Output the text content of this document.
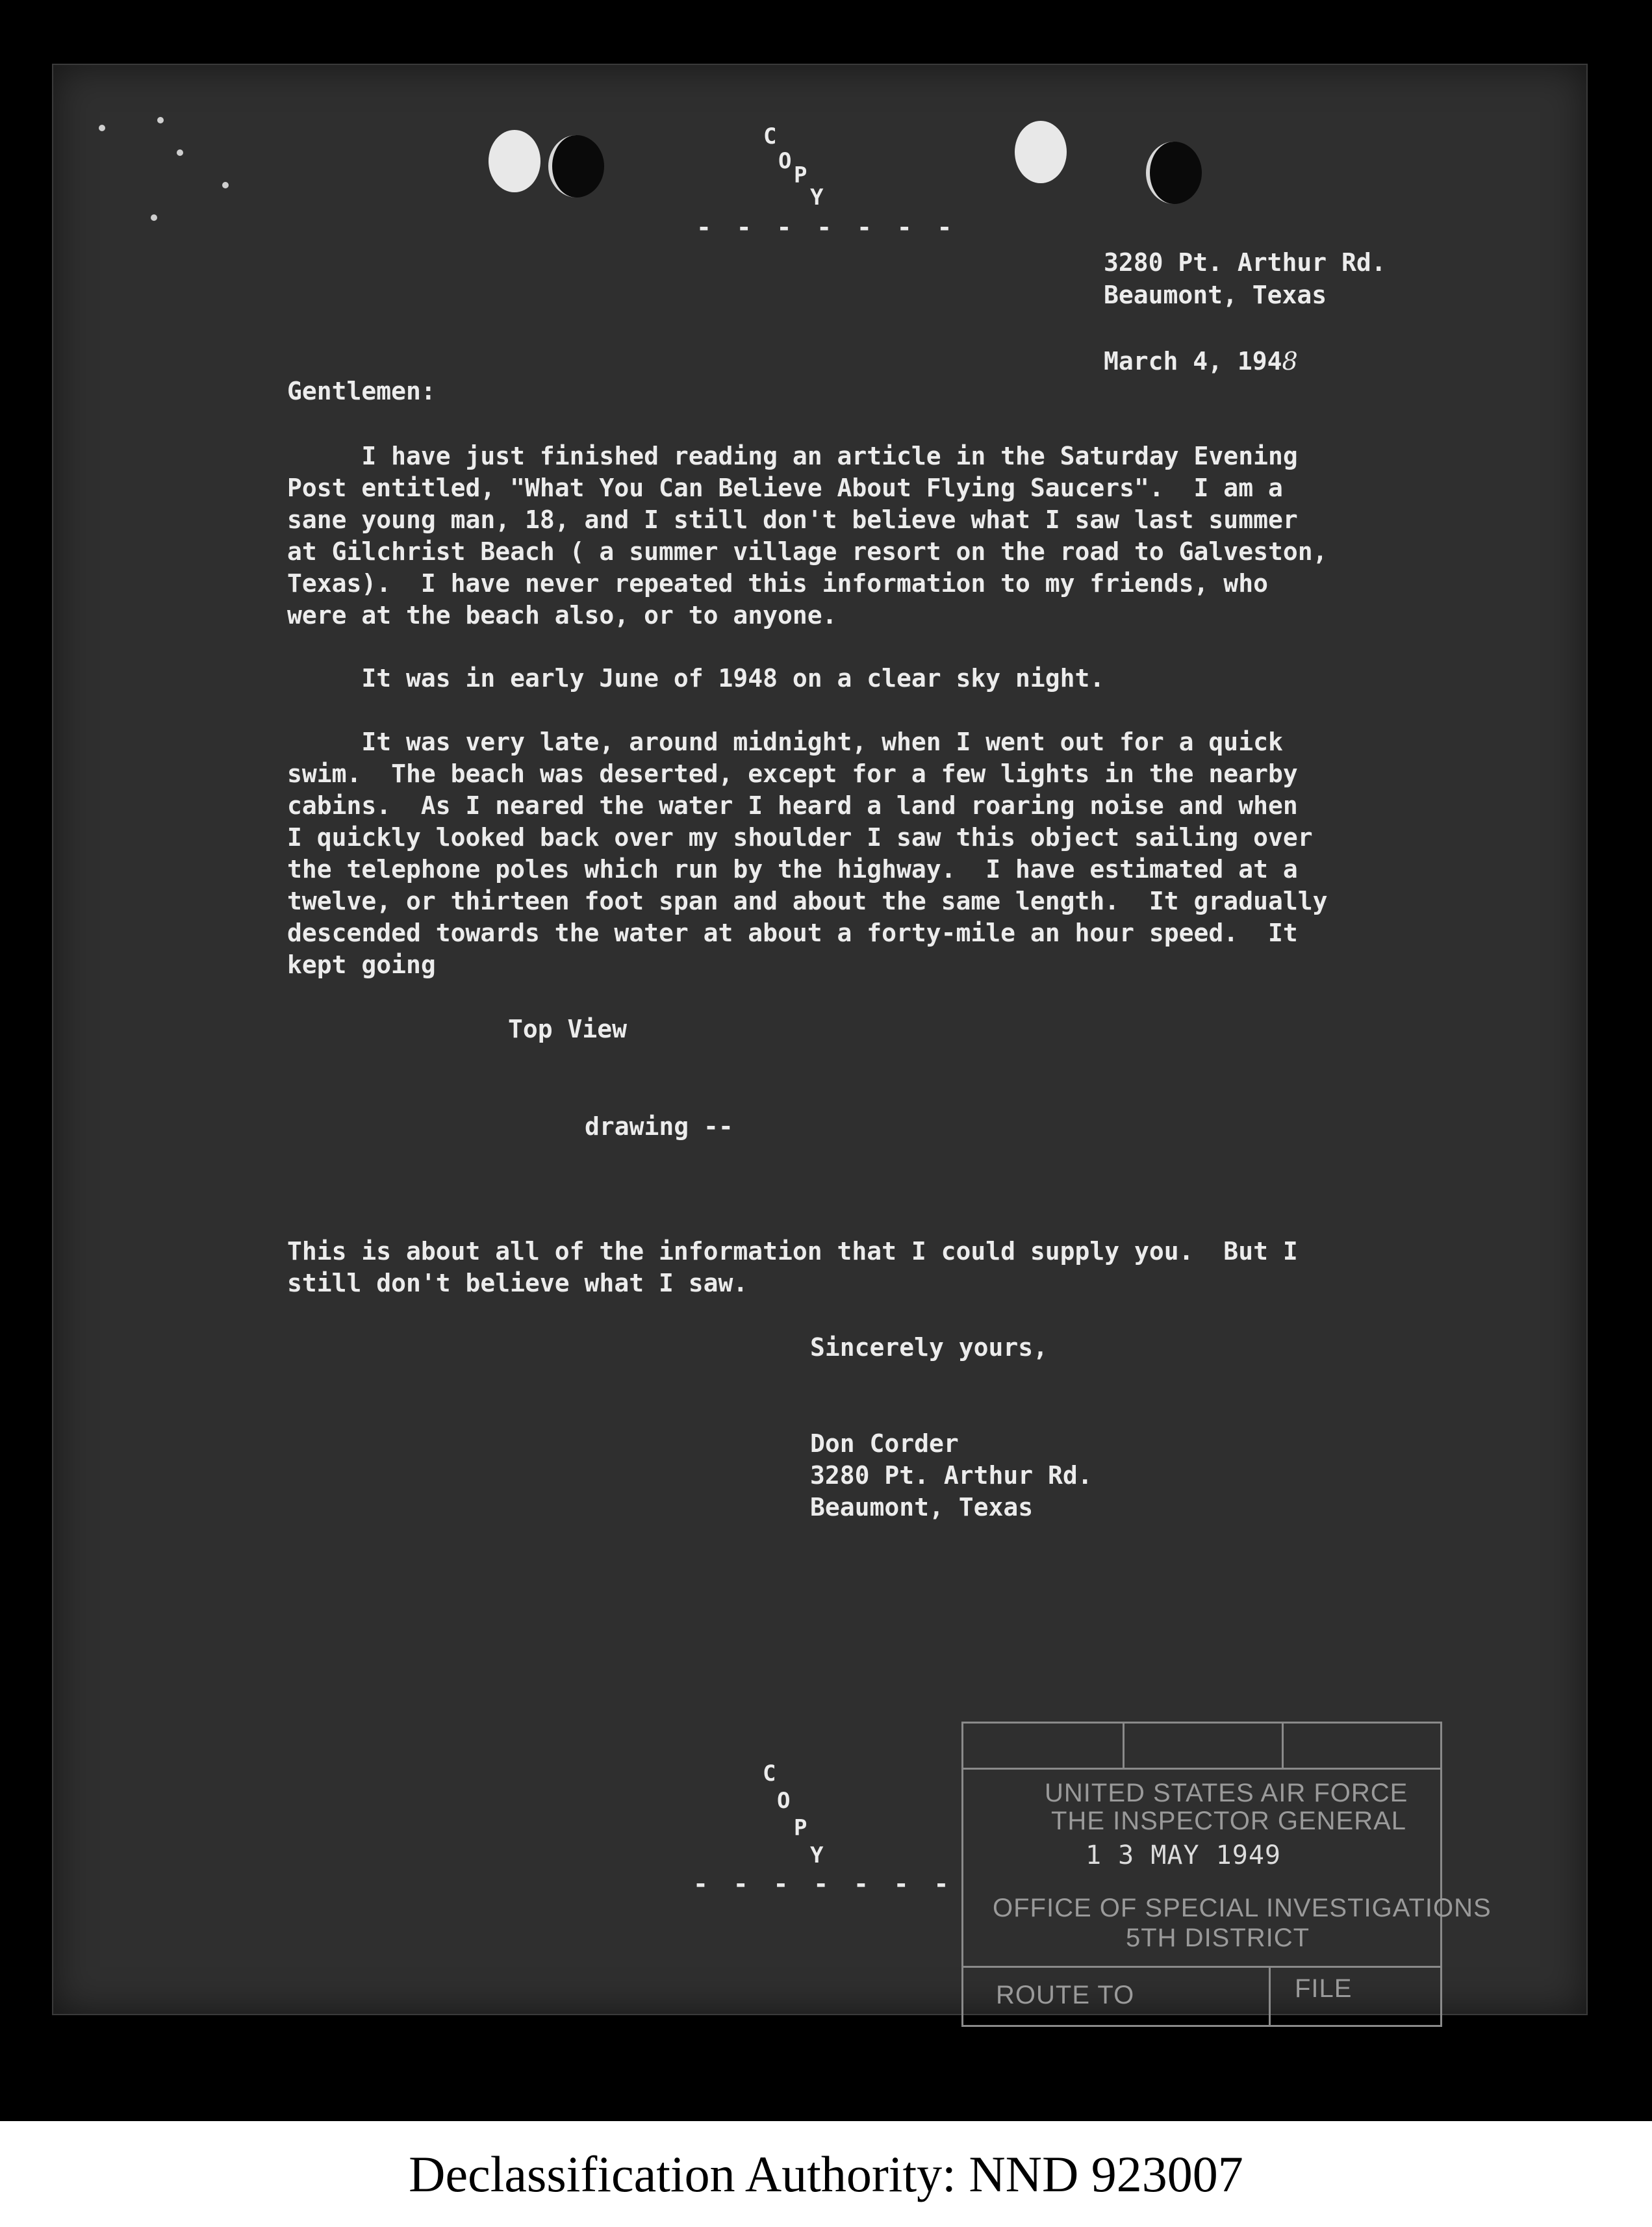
C
O
P
Y
- - - - - - -
3280 Pt. Arthur Rd.
Beaumont, Texas
March 4, 1948
Gentlemen:
I have just finished reading an article in the Saturday Evening
Post entitled, "What You Can Believe About Flying Saucers".  I am a
sane young man, 18, and I still don't believe what I saw last summer
at Gilchrist Beach ( a summer village resort on the road to Galveston,
Texas).  I have never repeated this information to my friends, who
were at the beach also, or to anyone.
It was in early June of 1948 on a clear sky night.
It was very late, around midnight, when I went out for a quick
swim.  The beach was deserted, except for a few lights in the nearby
cabins.  As I neared the water I heard a land roaring noise and when
I quickly looked back over my shoulder I saw this object sailing over
the telephone poles which run by the highway.  I have estimated at a
twelve, or thirteen foot span and about the same length.  It gradually
descended towards the water at about a forty-mile an hour speed.  It
kept going
Top View
drawing --
This is about all of the information that I could supply you.  But I
still don't believe what I saw.
Sincerely yours,
Don Corder
3280 Pt. Arthur Rd.
Beaumont, Texas
C
O
P
Y
- - - - - - -
UNITED STATES AIR FORCE
THE INSPECTOR GENERAL
1 3 MAY 1949
OFFICE OF SPECIAL INVESTIGATIONS
5TH DISTRICT
ROUTE TO	FILE
Declassification Authority: NND 923007
